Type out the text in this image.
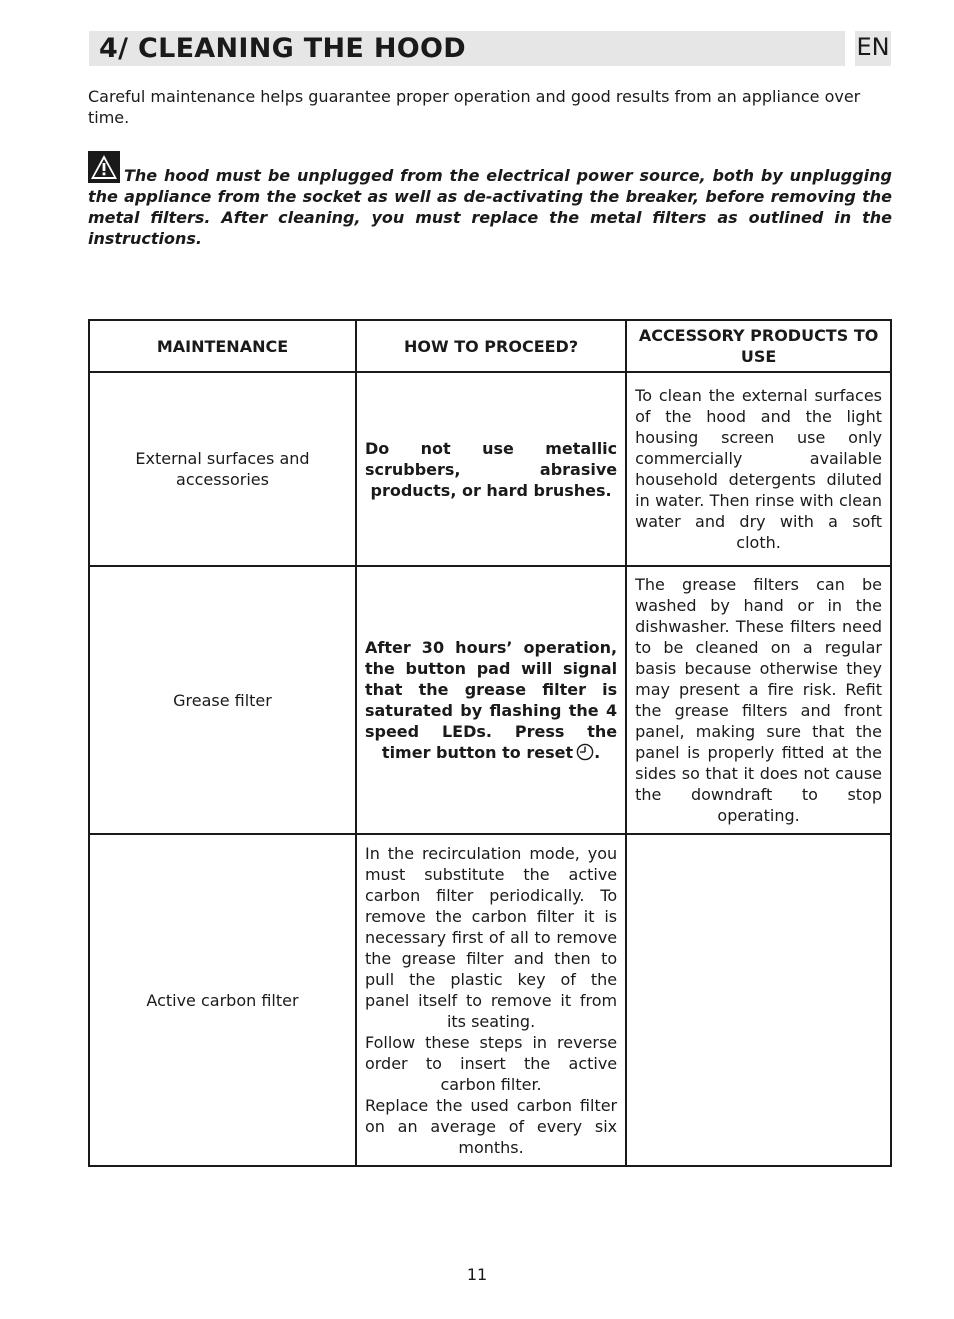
4/ CLEANING THE HOOD	EN
Careful maintenance helps guarantee proper operation and good results from an appliance over time.
The hood must be unplugged from the electrical power source, both by unplugging the appliance from the socket as well as de-activating the breaker, before removing the metal filters. After cleaning, you must replace the metal filters as outlined in the instructions.
MAINTENANCE	HOW TO PROCEED?	ACCESSORY PRODUCTS TO USE
External surfaces and accessories	Do not use metallic scrubbers, abrasive products, or hard brushes.	To clean the external surfaces of the hood and the light housing screen use only commercially available household detergents diluted in water. Then rinse with clean water and dry with a soft cloth.
Grease filter	After 30 hours’ operation, the button pad will signal that the grease filter is saturated by flashing the 4 speed LEDs. Press the timer button to reset .	The grease filters can be washed by hand or in the dishwasher. These filters need to be cleaned on a regular basis because otherwise they may present a fire risk. Refit the grease filters and front panel, making sure that the panel is properly fitted at the sides so that it does not cause the downdraft to stop operating.
Active carbon filter	In the recirculation mode, you must substitute the active carbon filter periodically. To remove the carbon filter it is necessary first of all to remove the grease filter and then to pull the plastic key of the panel itself to remove it from its seating.
Follow these steps in reverse order to insert the active carbon filter.
Replace the used carbon filter on an average of every six months.	

11
